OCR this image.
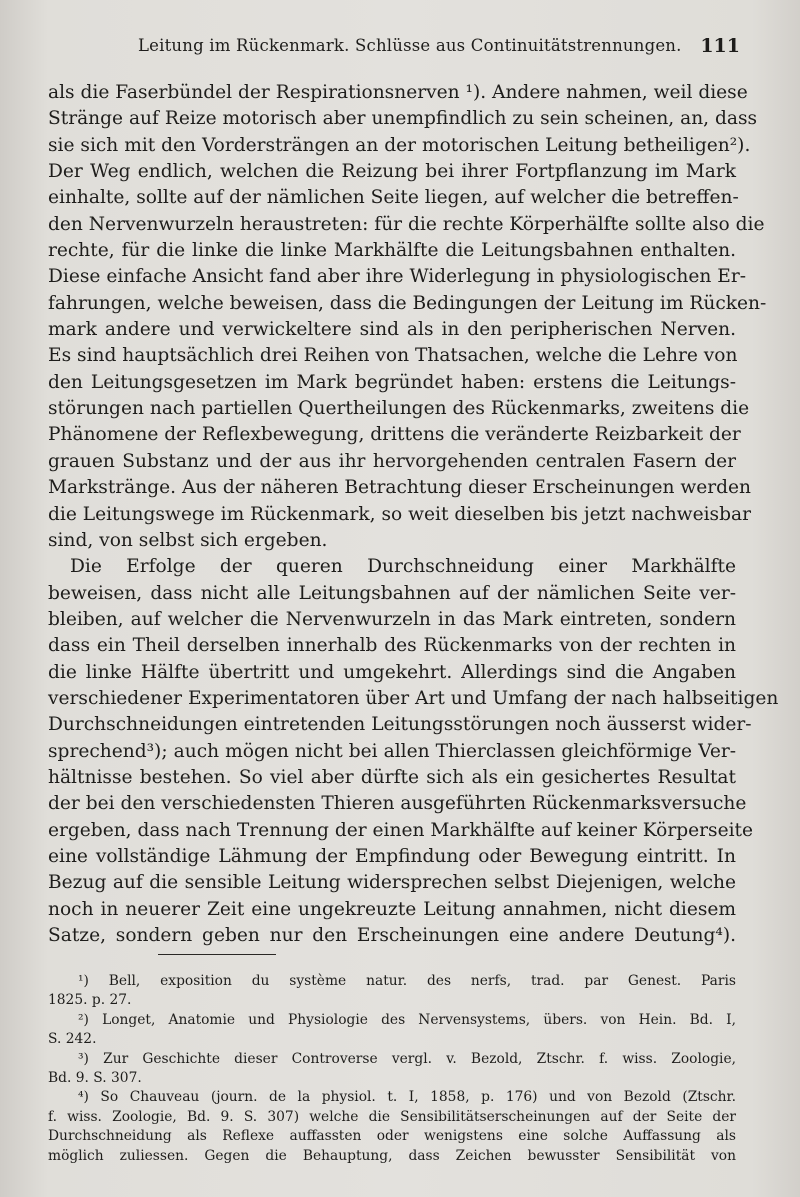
Leitung im Rückenmark. Schlüsse aus Continuitätstrennungen. 111
als die Faserbündel der Respirationsnerven ¹). Andere nahmen, weil diese
Stränge auf Reize motorisch aber unempfindlich zu sein scheinen, an, dass
sie sich mit den Vordersträngen an der motorischen Leitung betheiligen²).
Der Weg endlich, welchen die Reizung bei ihrer Fortpflanzung im Mark
einhalte, sollte auf der nämlichen Seite liegen, auf welcher die betreffen-
den Nervenwurzeln heraustreten: für die rechte Körperhälfte sollte also die
rechte, für die linke die linke Markhälfte die Leitungsbahnen enthalten.
Diese einfache Ansicht fand aber ihre Widerlegung in physiologischen Er-
fahrungen, welche beweisen, dass die Bedingungen der Leitung im Rücken-
mark andere und verwickeltere sind als in den peripherischen Nerven.
Es sind hauptsächlich drei Reihen von Thatsachen, welche die Lehre von
den Leitungsgesetzen im Mark begründet haben: erstens die Leitungs-
störungen nach partiellen Quertheilungen des Rückenmarks, zweitens die
Phänomene der Reflexbewegung, drittens die veränderte Reizbarkeit der
grauen Substanz und der aus ihr hervorgehenden centralen Fasern der
Markstränge. Aus der näheren Betrachtung dieser Erscheinungen werden
die Leitungswege im Rückenmark, so weit dieselben bis jetzt nachweisbar
sind, von selbst sich ergeben.
Die Erfolge der queren Durchschneidung einer Markhälfte
beweisen, dass nicht alle Leitungsbahnen auf der nämlichen Seite ver-
bleiben, auf welcher die Nervenwurzeln in das Mark eintreten, sondern
dass ein Theil derselben innerhalb des Rückenmarks von der rechten in
die linke Hälfte übertritt und umgekehrt. Allerdings sind die Angaben
verschiedener Experimentatoren über Art und Umfang der nach halbseitigen
Durchschneidungen eintretenden Leitungsstörungen noch äusserst wider-
sprechend³); auch mögen nicht bei allen Thierclassen gleichförmige Ver-
hältnisse bestehen. So viel aber dürfte sich als ein gesichertes Resultat
der bei den verschiedensten Thieren ausgeführten Rückenmarksversuche
ergeben, dass nach Trennung der einen Markhälfte auf keiner Körperseite
eine vollständige Lähmung der Empfindung oder Bewegung eintritt. In
Bezug auf die sensible Leitung widersprechen selbst Diejenigen, welche
noch in neuerer Zeit eine ungekreuzte Leitung annahmen, nicht diesem
Satze, sondern geben nur den Erscheinungen eine andere Deutung⁴).
¹) Bell, exposition du système natur. des nerfs, trad. par Genest. Paris
1825. p. 27.
²) Longet, Anatomie und Physiologie des Nervensystems, übers. von Hein. Bd. I,
S. 242.
³) Zur Geschichte dieser Controverse vergl. v. Bezold, Ztschr. f. wiss. Zoologie,
Bd. 9. S. 307.
⁴) So Chauveau (journ. de la physiol. t. I, 1858, p. 176) und von Bezold (Ztschr.
f. wiss. Zoologie, Bd. 9. S. 307) welche die Sensibilitätserscheinungen auf der Seite der
Durchschneidung als Reflexe auffassten oder wenigstens eine solche Auffassung als
möglich zuliessen. Gegen die Behauptung, dass Zeichen bewusster Sensibilität von
